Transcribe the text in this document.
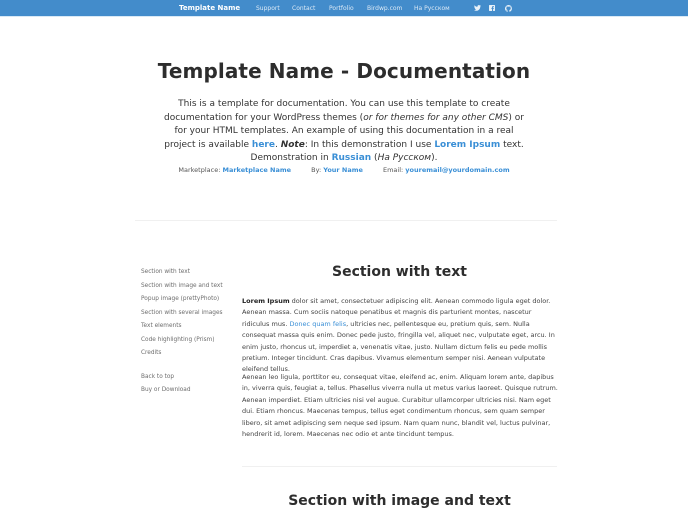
Template Name	Support Contact Portfolio Birdwp.com На Русском
Template Name - Documentation

This is a template for documentation. You can use this template to create documentation for your WordPress themes (or for themes for any other CMS) or for your HTML templates. An example of using this documentation in a real project is available here. Note: In this demonstration I use Lorem Ipsum text. Demonstration in Russian (На Русском).

Marketplace: Marketplace Name	By: Your Name	Email: youremail@yourdomain.com
Section with text
Section with image and text
Popup image (prettyPhoto)
Section with several images
Text elements
Code highlighting (Prism)
Credits
Back to top
Buy or Download
Section with text

Lorem Ipsum dolor sit amet, consectetuer adipiscing elit. Aenean commodo ligula eget dolor. Aenean massa. Cum sociis natoque penatibus et magnis dis parturient montes, nascetur ridiculus mus. Donec quam felis, ultricies nec, pellentesque eu, pretium quis, sem. Nulla consequat massa quis enim. Donec pede justo, fringilla vel, aliquet nec, vulputate eget, arcu. In enim justo, rhoncus ut, imperdiet a, venenatis vitae, justo. Nullam dictum felis eu pede mollis pretium. Integer tincidunt. Cras dapibus. Vivamus elementum semper nisi. Aenean vulputate eleifend tellus.

Aenean leo ligula, porttitor eu, consequat vitae, eleifend ac, enim. Aliquam lorem ante, dapibus in, viverra quis, feugiat a, tellus. Phasellus viverra nulla ut metus varius laoreet. Quisque rutrum. Aenean imperdiet. Etiam ultricies nisi vel augue. Curabitur ullamcorper ultricies nisi. Nam eget dui. Etiam rhoncus. Maecenas tempus, tellus eget condimentum rhoncus, sem quam semper libero, sit amet adipiscing sem neque sed ipsum. Nam quam nunc, blandit vel, luctus pulvinar, hendrerit id, lorem. Maecenas nec odio et ante tincidunt tempus.

Section with image and text
